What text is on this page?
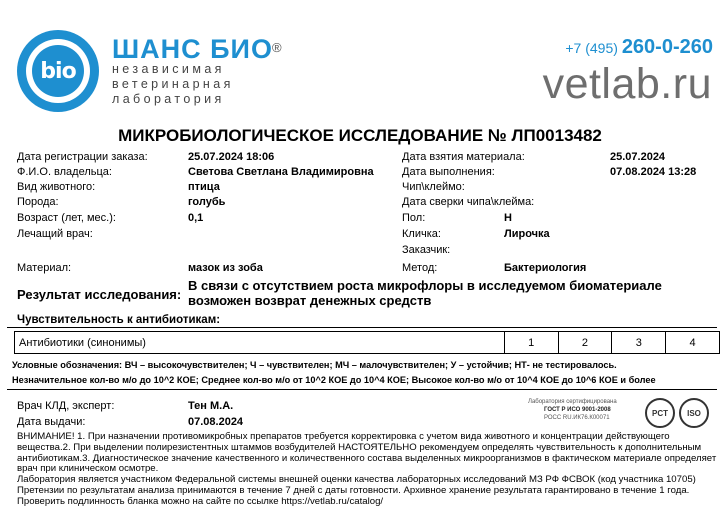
bio
ШАНС БИО ®
независимая
ветеринарная
лаборатория
+7 (495) 260-0-260
vetlab.ru
МИКРОБИОЛОГИЧЕСКОЕ ИССЛЕДОВАНИЕ № ЛП0013482
Дата регистрации заказа:	25.07.2024 18:06
Ф.И.О. владельца:	Светова Светлана Владимировна
Вид животного:	птица
Порода:	голубь
Возраст (лет, мес.):	0,1
Лечащий врач:
Дата взятия материала:	25.07.2024
Дата выполнения:	07.08.2024 13:28
Чип\клеймо:
Дата сверки чипа\клейма:
Пол:	Н
Кличка:	Лирочка
Заказчик:
Материал:	мазок из зоба	Метод:	Бактериология
Результат исследования:
В связи с отсутствием роста микрофлоры в исследуемом биоматериале возможен возврат денежных средств
Чувствительность к антибиотикам:
Антибиотики (синонимы)	1	2	3	4
Условные обозначения: ВЧ – высокочувствителен; Ч – чувствителен; МЧ – малочувствителен; У – устойчив; НТ- не тестировалось.
Незначительное кол-во м/о до 10^2 КОЕ; Среднее кол-во м/о от 10^2 КОЕ до 10^4 КОЕ; Высокое кол-во м/о от 10^4 КОЕ до 10^6 КОЕ и более
Врач КЛД, эксперт:	Тен М.А.
Дата выдачи:	07.08.2024
Лаборатория сертифицирована
ГОСТ Р ИСО 9001-2008
РОСС RU.ИК76.К00071
PCT ISO
ВНИМАНИЕ! 1. При назначении противомикробных препаратов требуется корректировка с учетом вида животного и концентрации действующего
вещества.2. При выделении полирезистентных штаммов возбудителей НАСТОЯТЕЛЬНО рекомендуем определять чувствительность к дополнительным
антибиотикам.3. Диагностическое значение качественного и количественного состава выделенных микроорганизмов в фактическом материале определяет
врач при клиническом осмотре.
Лаборатория является участником Федеральной системы внешней оценки качества лабораторных исследований МЗ РФ ФСВОК (код участника 10705)
Претензии по результатам анализа принимаются в течение 7 дней с даты готовности. Архивное хранение результата гарантировано в течение 1 года.
Проверить подлинность бланка можно на сайте по ссылке https://vetlab.ru/catalog/
